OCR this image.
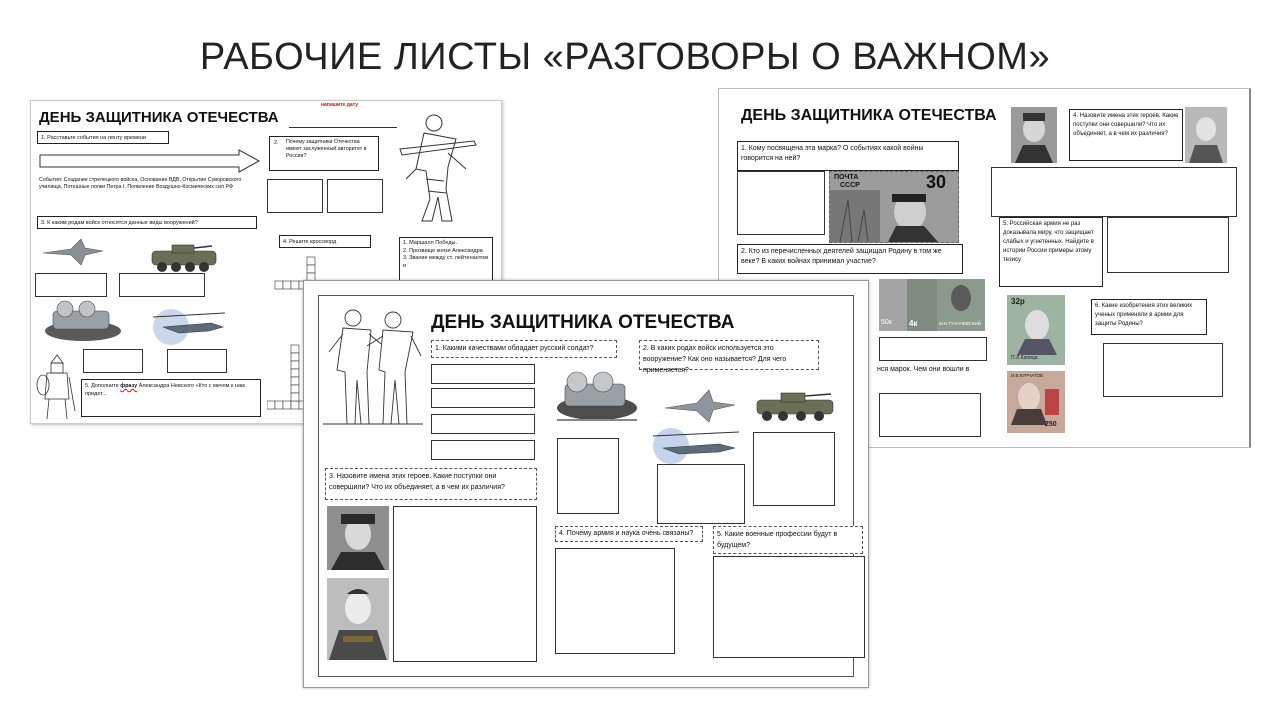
РАБОЧИЕ ЛИСТЫ «РАЗГОВОРЫ О ВАЖНОМ»
ДЕНЬ ЗАЩИТНИКА ОТЕЧЕСТВА
напишите дату
1. Расставьте события на ленту времени
События: Создание стрелецкого войска, Основание ВДВ, Открытие Суворовского училища, Потешные полки Петра I, Появление Воздушно-Космических сил РФ
2. Почему защитники Отечества имеют заслуженный авторитет в России?
3. К каким родам войск относятся данные виды вооружений?
5. Дополните фразу Александра Невского «Кто с мечом к нам придет...
4. Решите кроссворд	1. Маршалл Победы.
2. Прозвище князя Александра
3. Звание между ст. лейтенантом и
ДЕНЬ ЗАЩИТНИКА ОТЕЧЕСТВА
1. Кому посвящена эта марка? О событиях какой войны говорится на ней?
ПОЧТА
СССР	30
2. Кто из перечисленных деятелей защищал Родину в том же веке? В каких войнах принимал участие?
50к 4к	М.Н.ТУХАЧЕВСКИЙ
нся марок. Чем они вошли в
4. Назовите имена этих героев. Какие поступки они совершили? Что их объединяет, а в чем их различия?
5. Российская армия не раз доказывала миру, что защищает слабых и угнетенных. Найдите в истории России примеры этому тезису
32р
П.Л.Капица
6. Какие изобретения этих великих ученых применяли в армии для защиты Родины?
И.В.КУРЧАТОВ
250
ДЕНЬ ЗАЩИТНИКА ОТЕЧЕСТВА
1. Какими качествами обладает русский солдат?	2. В каких родах войск используется это вооружение? Как оно называется? Для чего применяется?
3. Назовите имена этих героев. Какие поступки они совершили? Что их объединяет, а в чем их различия?
4. Почему армия и наука очень связаны?	5. Какие военные профессии будут в будущем?
